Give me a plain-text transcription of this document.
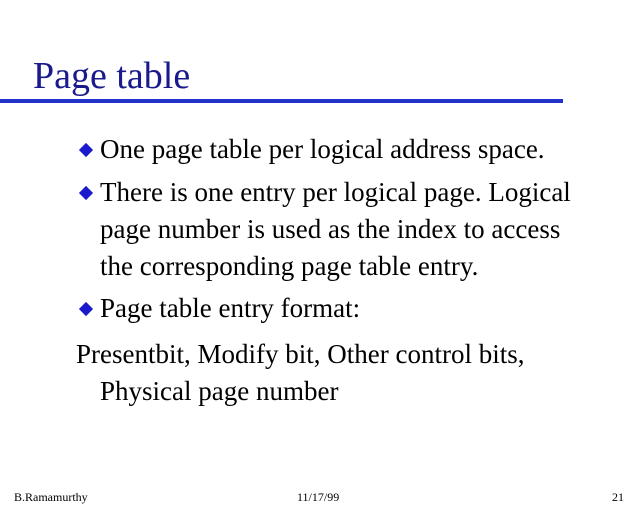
Page table
One page table per logical address space.
There is one entry per logical page. Logical
page number is used as the index to access
the corresponding page table entry.
Page table entry format:
Presentbit, Modify bit, Other control bits,
Physical page number
B.Ramamurthy	11/17/99	21
